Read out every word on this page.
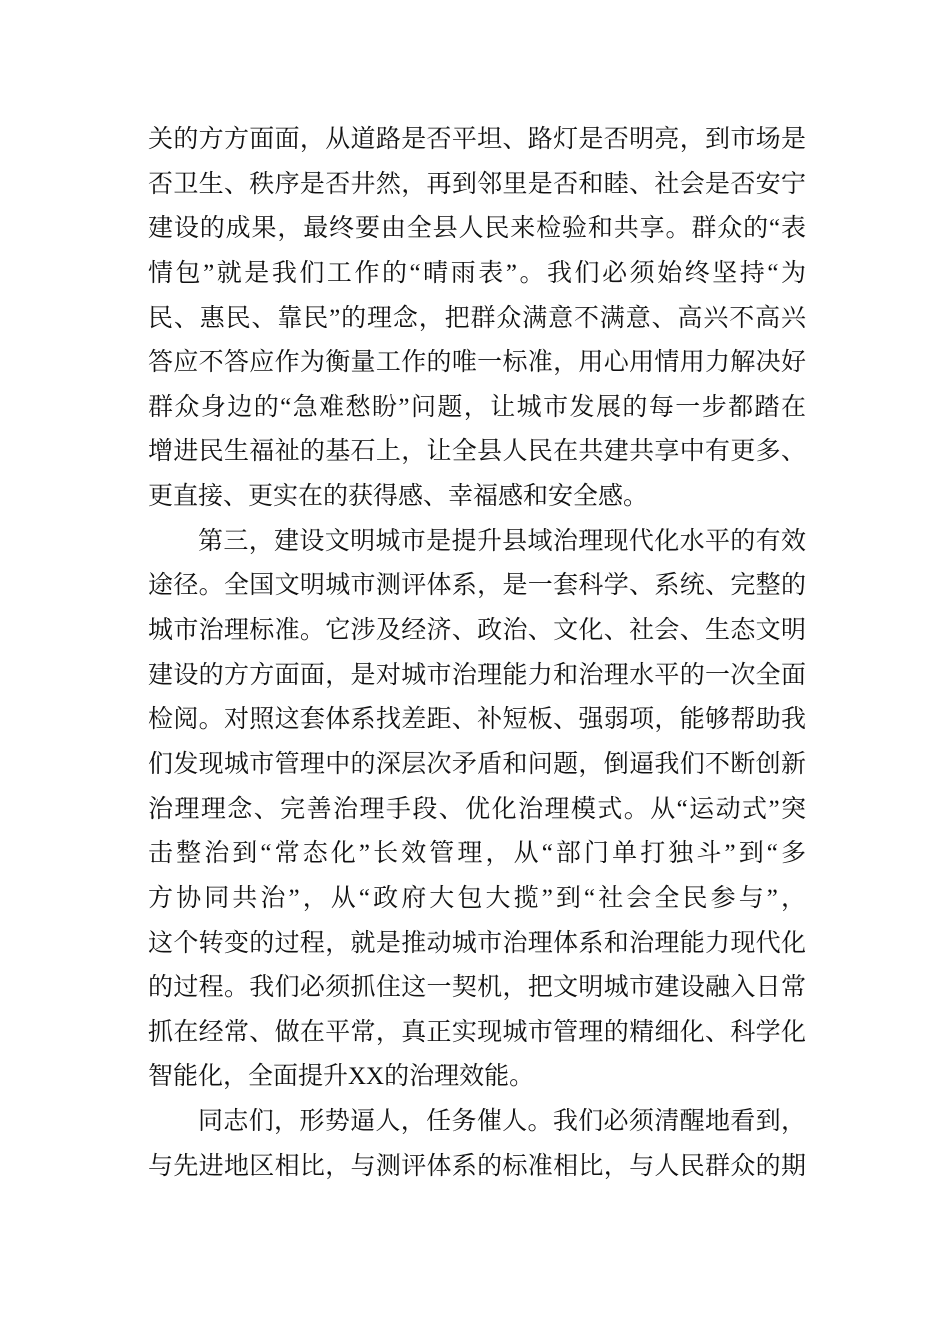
关的方方面面，从道路是否平坦、路灯是否明亮，到市场是
否卫生、秩序是否井然，再到邻里是否和睦、社会是否安宁
建设的成果，最终要由全县人民来检验和共享。群众的“表
情包”就是我们工作的“晴雨表”。我们必须始终坚持“为
民、惠民、靠民”的理念，把群众满意不满意、高兴不高兴
答应不答应作为衡量工作的唯一标准，用心用情用力解决好
群众身边的“急难愁盼”问题，让城市发展的每一步都踏在
增进民生福祉的基石上，让全县人民在共建共享中有更多、
更直接、更实在的获得感、幸福感和安全感。
第三，建设文明城市是提升县域治理现代化水平的有效
途径。全国文明城市测评体系，是一套科学、系统、完整的
城市治理标准。它涉及经济、政治、文化、社会、生态文明
建设的方方面面，是对城市治理能力和治理水平的一次全面
检阅。对照这套体系找差距、补短板、强弱项，能够帮助我
们发现城市管理中的深层次矛盾和问题，倒逼我们不断创新
治理理念、完善治理手段、优化治理模式。从“运动式”突
击整治到“常态化”长效管理，从“部门单打独斗”到“多
方协同共治”，从“政府大包大揽”到“社会全民参与”，
这个转变的过程，就是推动城市治理体系和治理能力现代化
的过程。我们必须抓住这一契机，把文明城市建设融入日常
抓在经常、做在平常，真正实现城市管理的精细化、科学化
智能化，全面提升XX的治理效能。
同志们，形势逼人，任务催人。我们必须清醒地看到，
与先进地区相比，与测评体系的标准相比，与人民群众的期
